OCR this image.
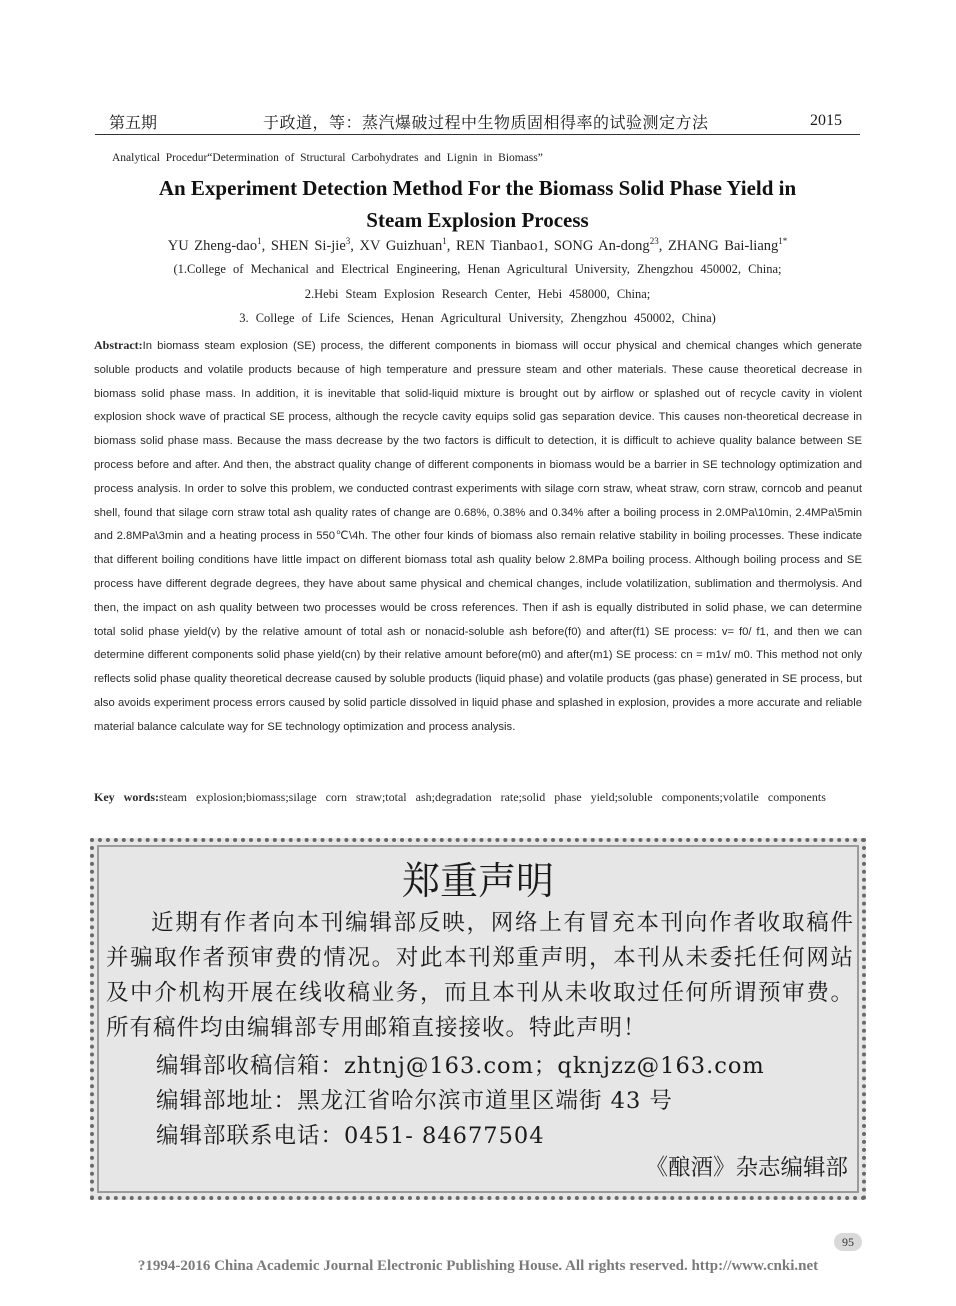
第五期	于政道，等：蒸汽爆破过程中生物质固相得率的试验测定方法	2015
Analytical Procedur“Determination of Structural Carbohydrates and Lignin in Biomass”
An Experiment Detection Method For the Biomass Solid Phase Yield in
Steam Explosion Process
YU Zheng-dao$^1$, SHEN Si-jie$^3$, XV Guizhuan$^1$, REN Tianbao1, SONG An-dong$^{23}$, ZHANG Bai-liang$^{1*}$
(1.College of Mechanical and Electrical Engineering, Henan Agricultural University, Zhengzhou 450002, China;
2.Hebi Steam Explosion Research Center, Hebi 458000, China;
3. College of Life Sciences, Henan Agricultural University, Zhengzhou 450002, China)
Abstract:In biomass steam explosion (SE) process, the different components in biomass will occur physical and chemical changes which generate soluble products and volatile products because of high temperature and pressure steam and other materials. These cause theoretical decrease in biomass solid phase mass. In addition, it is inevitable that solid-liquid mixture is brought out by airflow or splashed out of recycle cavity in violent explosion shock wave of practical SE process, although the recycle cavity equips solid gas separation device. This causes non-theoretical decrease in biomass solid phase mass. Because the mass decrease by the two factors is difficult to detection, it is difficult to achieve quality balance between SE process before and after. And then, the abstract quality change of different components in biomass would be a barrier in SE technology optimization and process analysis. In order to solve this problem, we conducted contrast experiments with silage corn straw, wheat straw, corn straw, corncob and peanut shell, found that silage corn straw total ash quality rates of change are 0.68%, 0.38% and 0.34% after a boiling process in 2.0MPa\10min, 2.4MPa\5min and 2.8MPa\3min and a heating process in 550℃\4h. The other four kinds of biomass also remain relative stability in boiling processes. These indicate that different boiling conditions have little impact on different biomass total ash quality below 2.8MPa boiling process. Although boiling process and SE process have different degrade degrees, they have about same physical and chemical changes, include volatilization, sublimation and thermolysis. And then, the impact on ash quality between two processes would be cross references. Then if ash is equally distributed in solid phase, we can determine total solid phase yield(v) by the relative amount of total ash or nonacid-soluble ash before(f0) and after(f1) SE process: v= f0/ f1, and then we can determine different components solid phase yield(cn) by their relative amount before(m0) and after(m1) SE process: cn = m1v/ m0. This method not only reflects solid phase quality theoretical decrease caused by soluble products (liquid phase) and volatile products (gas phase) generated in SE process, but also avoids experiment process errors caused by solid particle dissolved in liquid phase and splashed in explosion, provides a more accurate and reliable material balance calculate way for SE technology optimization and process analysis.
Key words:steam explosion;biomass;silage corn straw;total ash;degradation rate;solid phase yield;soluble components;volatile components
郑重声明
近期有作者向本刊编辑部反映，网络上有冒充本刊向作者收取稿件并骗取作者预审费的情况。对此本刊郑重声明，本刊从未委托任何网站及中介机构开展在线收稿业务，而且本刊从未收取过任何所谓预审费。所有稿件均由编辑部专用邮箱直接接收。特此声明！
编辑部收稿信箱：zhtnj@163.com；qknjzz@163.com
编辑部地址：黑龙江省哈尔滨市道里区端街 43 号
编辑部联系电话：0451- 84677504
《酿酒》杂志编辑部
95
?1994-2016 China Academic Journal Electronic Publishing House. All rights reserved. http://www.cnki.net
